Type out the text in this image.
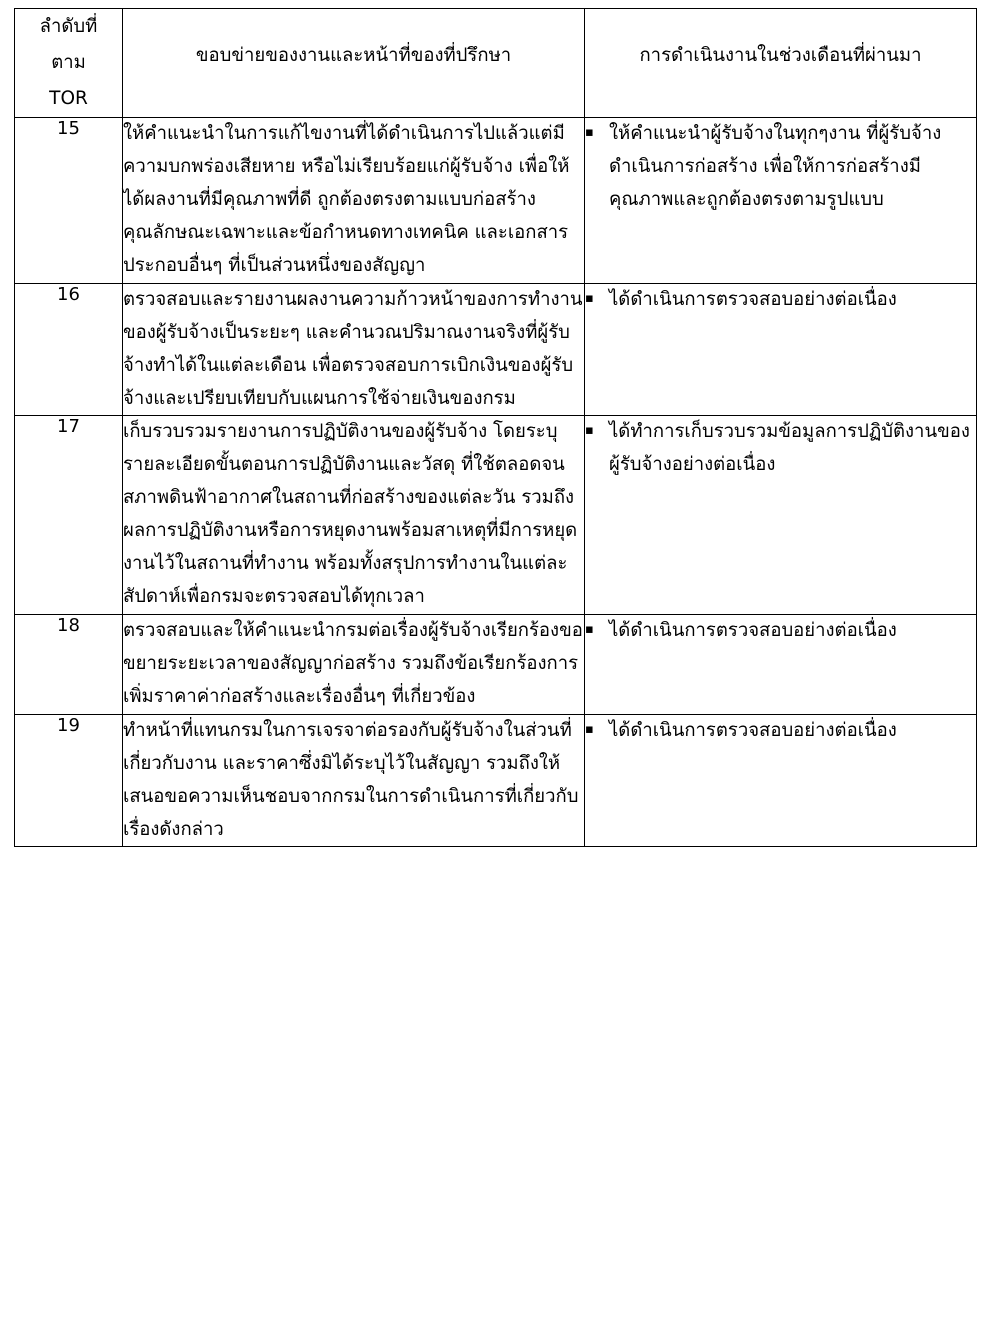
ลำดับที่
ตาม
TOR	ขอบข่ายของงานและหน้าที่ของที่ปรึกษา	การดำเนินงานในช่วงเดือนที่ผ่านมา

15	ให้คำแนะนำในการแก้ไขงานที่ได้ดำเนินการไปแล้วแต่มีความบกพร่องเสียหาย หรือไม่เรียบร้อยแก่ผู้รับจ้าง เพื่อให้ได้ผลงานที่มีคุณภาพที่ดี ถูกต้องตรงตามแบบก่อสร้างคุณลักษณะเฉพาะและข้อกำหนดทางเทคนิค และเอกสารประกอบอื่นๆ ที่เป็นส่วนหนึ่งของสัญญา	▪ ให้คำแนะนำผู้รับจ้างในทุกๆงาน ที่ผู้รับจ้างดำเนินการก่อสร้าง เพื่อให้การก่อสร้างมีคุณภาพและถูกต้องตรงตามรูปแบบ

16	ตรวจสอบและรายงานผลงานความก้าวหน้าของการทำงานของผู้รับจ้างเป็นระยะๆ และคำนวณปริมาณงานจริงที่ผู้รับจ้างทำได้ในแต่ละเดือน เพื่อตรวจสอบการเบิกเงินของผู้รับจ้างและเปรียบเทียบกับแผนการใช้จ่ายเงินของกรม	▪ ได้ดำเนินการตรวจสอบอย่างต่อเนื่อง

17	เก็บรวบรวมรายงานการปฏิบัติงานของผู้รับจ้าง โดยระบุรายละเอียดขั้นตอนการปฏิบัติงานและวัสดุ ที่ใช้ตลอดจนสภาพดินฟ้าอากาศในสถานที่ก่อสร้างของแต่ละวัน รวมถึงผลการปฏิบัติงานหรือการหยุดงานพร้อมสาเหตุที่มีการหยุดงานไว้ในสถานที่ทำงาน พร้อมทั้งสรุปการทำงานในแต่ละสัปดาห์เพื่อกรมจะตรวจสอบได้ทุกเวลา	▪ ได้ทำการเก็บรวบรวมข้อมูลการปฏิบัติงานของผู้รับจ้างอย่างต่อเนื่อง

18	ตรวจสอบและให้คำแนะนำกรมต่อเรื่องผู้รับจ้างเรียกร้องขอขยายระยะเวลาของสัญญาก่อสร้าง รวมถึงข้อเรียกร้องการเพิ่มราคาค่าก่อสร้างและเรื่องอื่นๆ ที่เกี่ยวข้อง	▪ ได้ดำเนินการตรวจสอบอย่างต่อเนื่อง

19	ทำหน้าที่แทนกรมในการเจรจาต่อรองกับผู้รับจ้างในส่วนที่เกี่ยวกับงาน และราคาซึ่งมิได้ระบุไว้ในสัญญา รวมถึงให้เสนอขอความเห็นชอบจากกรมในการดำเนินการที่เกี่ยวกับเรื่องดังกล่าว	▪ ได้ดำเนินการตรวจสอบอย่างต่อเนื่อง
